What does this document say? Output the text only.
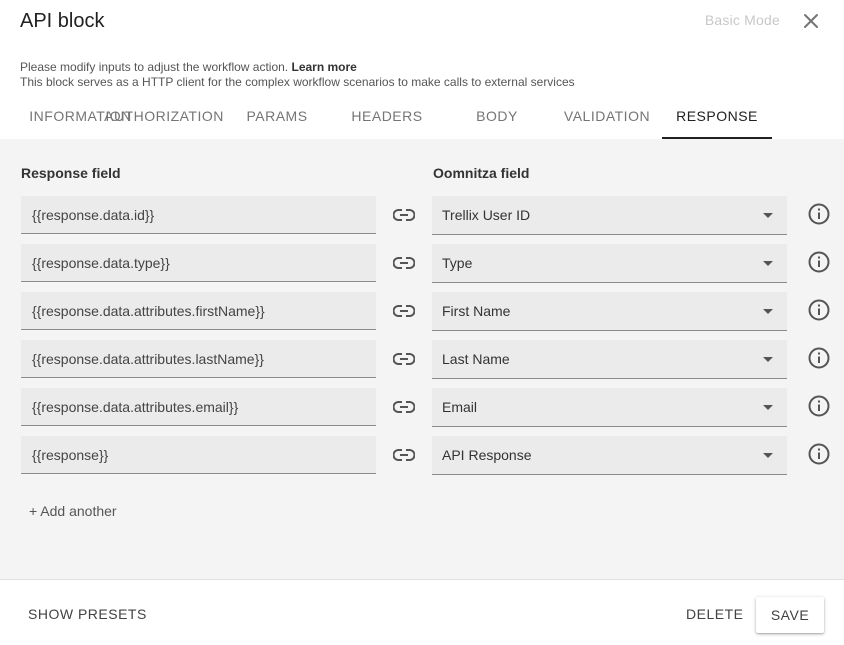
API block	Basic Mode
Please modify inputs to adjust the workflow action. Learn more
This block serves as a HTTP client for the complex workflow scenarios to make calls to external services
INFORMATION
AUTHORIZATION	PARAMS	HEADERS	BODY	VALIDATION	RESPONSE
Response field	Oomnitza field
{{response.data.id}}	Trellix User ID
{{response.data.type}}	Type
{{response.data.attributes.firstName}}	First Name
{{response.data.attributes.lastName}}	Last Name
{{response.data.attributes.email}}	Email
{{response}}	API Response
+ Add another
SHOW PRESETS	DELETE	SAVE
